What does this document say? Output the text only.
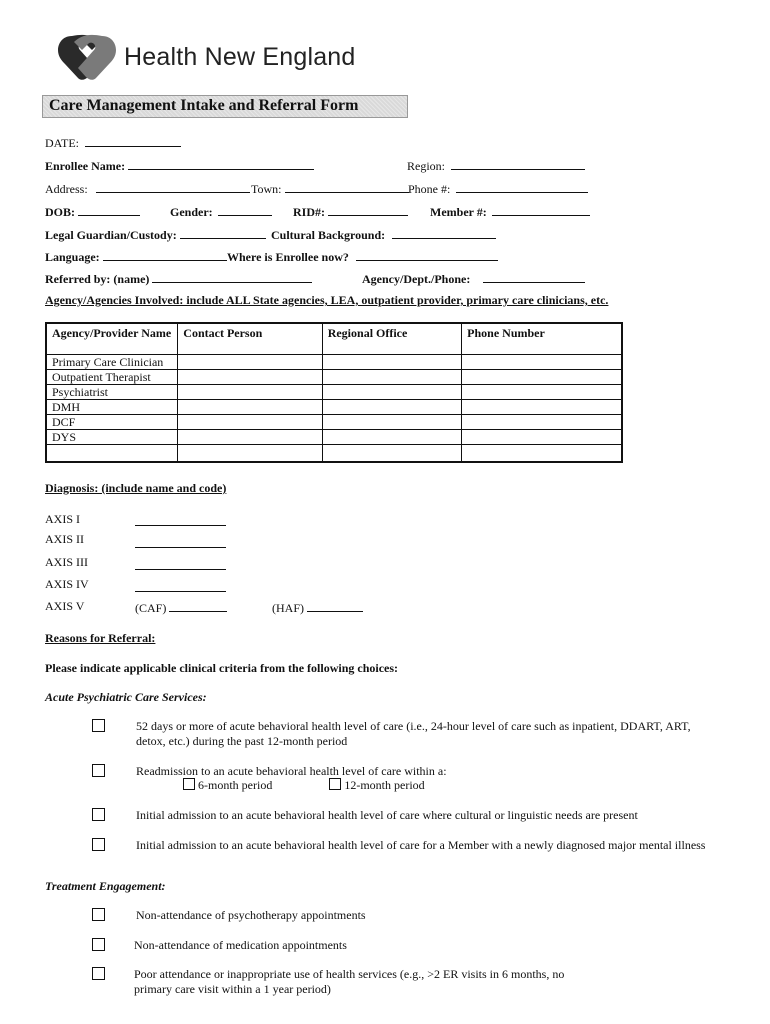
Health New England
Care Management Intake and Referral Form
DATE:
Enrollee Name:	Region:
Address:	Town:	Phone #:
DOB:	Gender:	RID#:	Member #:
Legal Guardian/Custody:	Cultural Background:
Language:	Where is Enrollee now?
Referred by: (name)	Agency/Dept./Phone:
Agency/Agencies Involved: include ALL State agencies, LEA, outpatient provider, primary care clinicians, etc.
Agency/Provider Name	Contact Person	Regional Office	Phone Number
Primary Care Clinician			
Outpatient Therapist			
Psychiatrist			
DMH			
DCF			
DYS			

Diagnosis: (include name and code)
AXIS I
AXIS II
AXIS III
AXIS IV
AXIS V	(CAF)	(HAF)
Reasons for Referral:
Please indicate applicable clinical criteria from the following choices:
Acute Psychiatric Care Services:
52 days or more of acute behavioral health level of care (i.e., 24-hour level of care such as inpatient, DDART, ART, detox, etc.) during the past 12-month period
Readmission to an acute behavioral health level of care within a:
6-month period	12-month period
Initial admission to an acute behavioral health level of care where cultural or linguistic needs are present
Initial admission to an acute behavioral health level of care for a Member with a newly diagnosed major mental illness
Treatment Engagement:
Non-attendance of psychotherapy appointments
Non-attendance of medication appointments
Poor attendance or inappropriate use of health services (e.g., >2 ER visits in 6 months, no primary care visit within a 1 year period)
